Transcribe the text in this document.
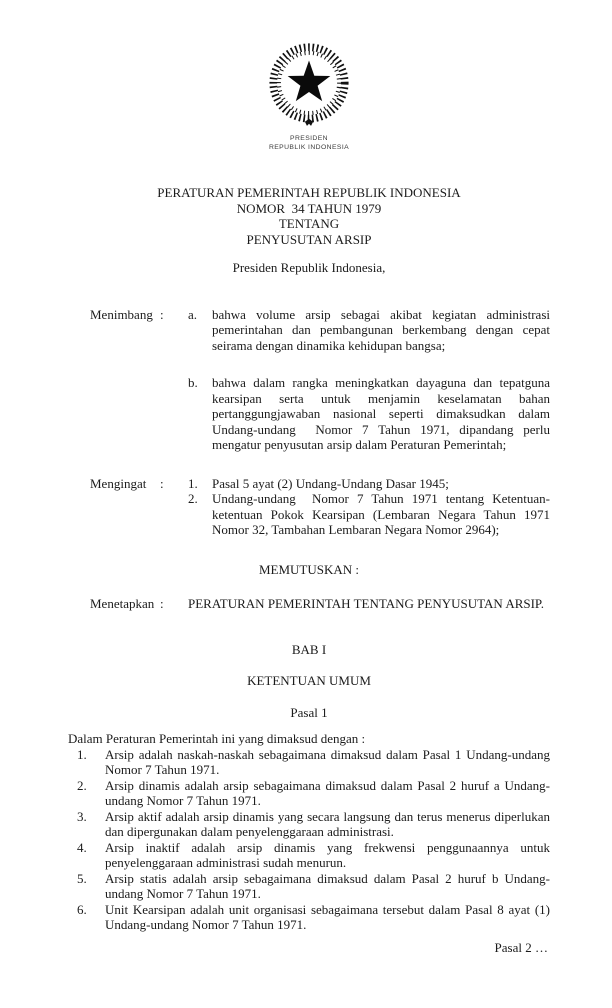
PRESIDEN
REPUBLIK INDONESIA
PERATURAN PEMERINTAH REPUBLIK INDONESIA
NOMOR  34 TAHUN 1979
TENTANG
PENYUSUTAN ARSIP
Presiden Republik Indonesia,
Menimbang :	a.	bahwa volume arsip sebagai akibat kegiatan administrasi pemerintahan dan pembangunan berkembang dengan cepat seirama dengan dinamika kehidupan bangsa;
b.	bahwa dalam rangka meningkatkan dayaguna dan tepatguna kearsipan serta untuk menjamin keselamatan bahan pertanggungjawaban nasional seperti dimaksudkan dalam Undang-undang  Nomor 7 Tahun 1971, dipandang perlu mengatur penyusutan arsip dalam Peraturan Pemerintah;
Mengingat	:	1.	Pasal 5 ayat (2) Undang-Undang Dasar 1945;
2.	Undang-undang  Nomor 7 Tahun 1971 tentang Ketentuan-ketentuan Pokok Kearsipan (Lembaran Negara Tahun 1971 Nomor 32, Tambahan Lembaran Negara Nomor 2964);
MEMUTUSKAN :
Menetapkan :	PERATURAN PEMERINTAH TENTANG PENYUSUTAN ARSIP.
BAB I
KETENTUAN UMUM
Pasal 1
Dalam Peraturan Pemerintah ini yang dimaksud dengan :
1.	Arsip adalah naskah-naskah sebagaimana dimaksud dalam Pasal 1 Undang-undang Nomor 7 Tahun 1971.
2.	Arsip dinamis adalah arsip sebagaimana dimaksud dalam Pasal 2 huruf a Undang-undang Nomor 7 Tahun 1971.
3.	Arsip aktif adalah arsip dinamis yang secara langsung dan terus menerus diperlukan dan dipergunakan dalam penyelenggaraan administrasi.
4.	Arsip inaktif adalah arsip dinamis yang frekwensi penggunaannya untuk penyelenggaraan administrasi sudah menurun.
5.	Arsip statis adalah arsip sebagaimana dimaksud dalam Pasal 2 huruf b Undang-undang Nomor 7 Tahun 1971.
6.	Unit Kearsipan adalah unit organisasi sebagaimana tersebut dalam Pasal 8 ayat (1) Undang-undang Nomor 7 Tahun 1971.
Pasal 2 …
